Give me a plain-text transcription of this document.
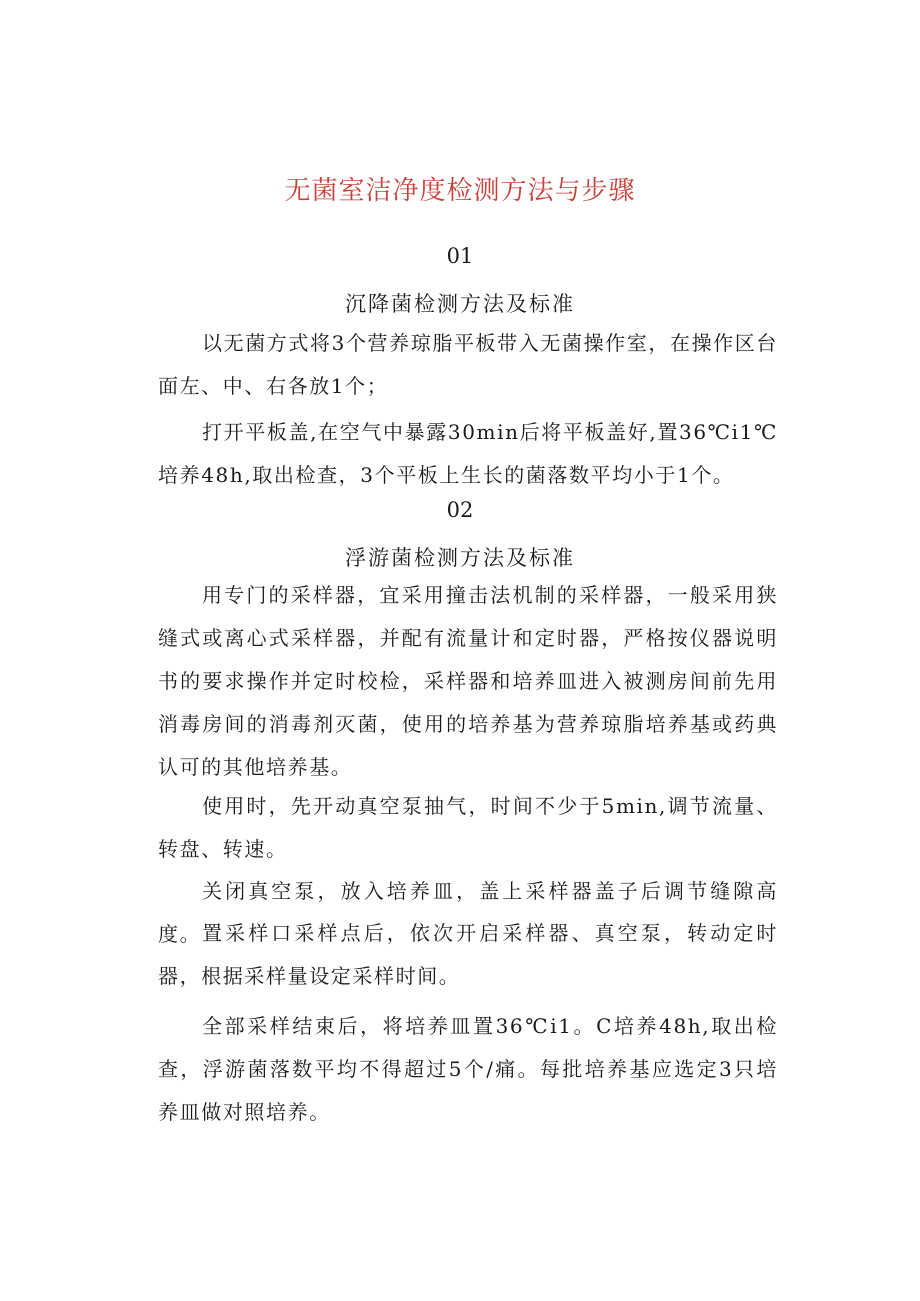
无菌室洁净度检测方法与步骤
01
沉降菌检测方法及标准

以无菌方式将3个营养琼脂平板带入无菌操作室，在操作区台面左、中、右各放1个；

打开平板盖,在空气中暴露30min后将平板盖好,置36℃i1℃培养48h,取出检查，3个平板上生长的菌落数平均小于1个。

02
浮游菌检测方法及标准

用专门的采样器，宜采用撞击法机制的采样器，一般采用狭缝式或离心式采样器，并配有流量计和定时器，严格按仪器说明书的要求操作并定时校检，采样器和培养皿进入被测房间前先用消毒房间的消毒剂灭菌，使用的培养基为营养琼脂培养基或药典认可的其他培养基。

使用时，先开动真空泵抽气，时间不少于5min,调节流量、转盘、转速。

关闭真空泵，放入培养皿，盖上采样器盖子后调节缝隙高度。 置采样口采样点后，依次开启采样器、真空泵，转动定时器，根据采样量设定采样时间。

全部采样结束后，将培养皿置36℃i1。C培养48h,取出检查，浮游菌落数平均不得超过5个/痛。每批培养基应选定3只培养皿做对照培养。
